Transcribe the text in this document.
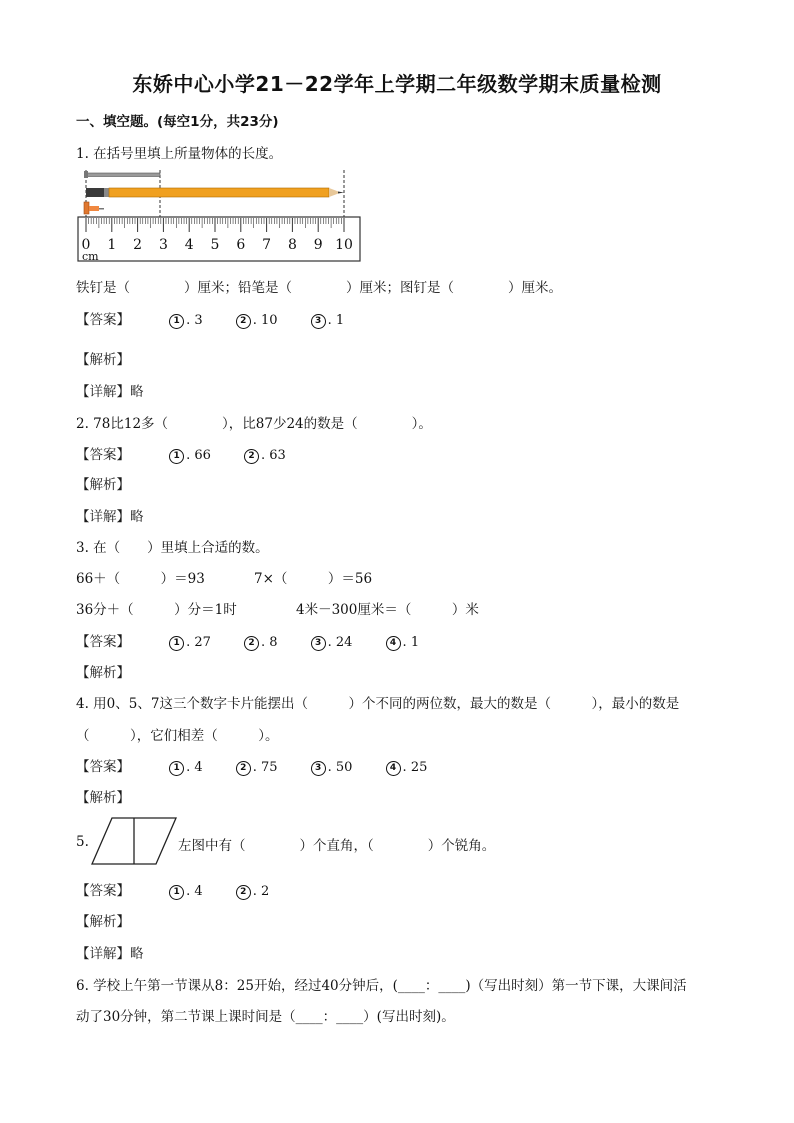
东娇中心小学21－22学年上学期二年级数学期末质量检测
一、填空题。(每空1分，共23分)
1. 在括号里填上所量物体的长度。
0 1 2 3 4 5 6 7 8 9 10
cm
铁钉是（　　　　）厘米；铅笔是（　　　　）厘米；图钉是（　　　　）厘米。
【答案】	1 . 3	2 . 10	3 . 1
【解析】
【详解】略
2. 78比12多（　　　　），比87少24的数是（　　　　）。
【答案】	1 . 66	2 . 63
【解析】
【详解】略
3. 在（　　）里填上合适的数。
66＋（　　　）＝93	7×（　　　）＝56
36分＋（　　　）分＝1时	4米－300厘米＝（　　　）米
【答案】	1 . 27	2 . 8	3 . 24	4 . 1
【解析】
4. 用0、5、7这三个数字卡片能摆出（　　　）个不同的两位数，最大的数是（　　　），最小的数是
（　　　），它们相差（　　　）。
【答案】	1 . 4	2 . 75	3 . 50	4 . 25
【解析】
5.	左图中有（　　　　）个直角，（　　　　）个锐角。
【答案】	1 . 4	2 . 2
【解析】
【详解】略
6. 学校上午第一节课从8：25开始，经过40分钟后，(____：____)（写出时刻）第一节下课，大课间活
动了30分钟，第二节课上课时间是（____：____）(写出时刻)。
